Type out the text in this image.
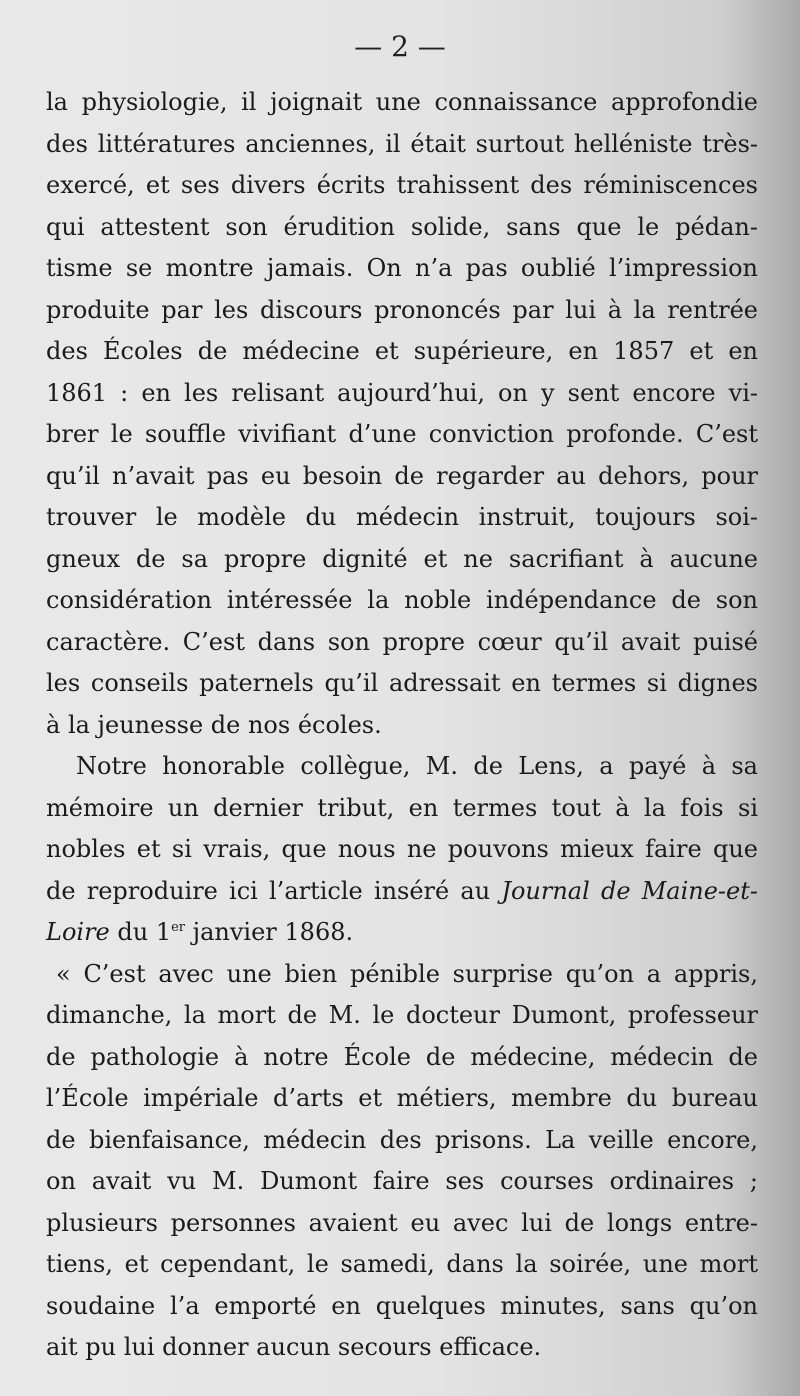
— 2 —
la physiologie, il joignait une connaissance approfondie
des littératures anciennes, il était surtout helléniste très-
exercé, et ses divers écrits trahissent des réminiscences
qui attestent son érudition solide, sans que le pédan-
tisme se montre jamais. On n’a pas oublié l’impression
produite par les discours prononcés par lui à la rentrée
des Écoles de médecine et supérieure, en 1857 et en
1861 : en les relisant aujourd’hui, on y sent encore vi-
brer le souffle vivifiant d’une conviction profonde. C’est
qu’il n’avait pas eu besoin de regarder au dehors, pour
trouver le modèle du médecin instruit, toujours soi-
gneux de sa propre dignité et ne sacrifiant à aucune
considération intéressée la noble indépendance de son
caractère. C’est dans son propre cœur qu’il avait puisé
les conseils paternels qu’il adressait en termes si dignes
à la jeunesse de nos écoles.
Notre honorable collègue, M. de Lens, a payé à sa
mémoire un dernier tribut, en termes tout à la fois si
nobles et si vrais, que nous ne pouvons mieux faire que
de reproduire ici l’article inséré au Journal de Maine-et-
Loire du 1er janvier 1868.
« C’est avec une bien pénible surprise qu’on a appris,
dimanche, la mort de M. le docteur Dumont, professeur
de pathologie à notre École de médecine, médecin de
l’École impériale d’arts et métiers, membre du bureau
de bienfaisance, médecin des prisons. La veille encore,
on avait vu M. Dumont faire ses courses ordinaires ;
plusieurs personnes avaient eu avec lui de longs entre-
tiens, et cependant, le samedi, dans la soirée, une mort
soudaine l’a emporté en quelques minutes, sans qu’on
ait pu lui donner aucun secours efficace.
